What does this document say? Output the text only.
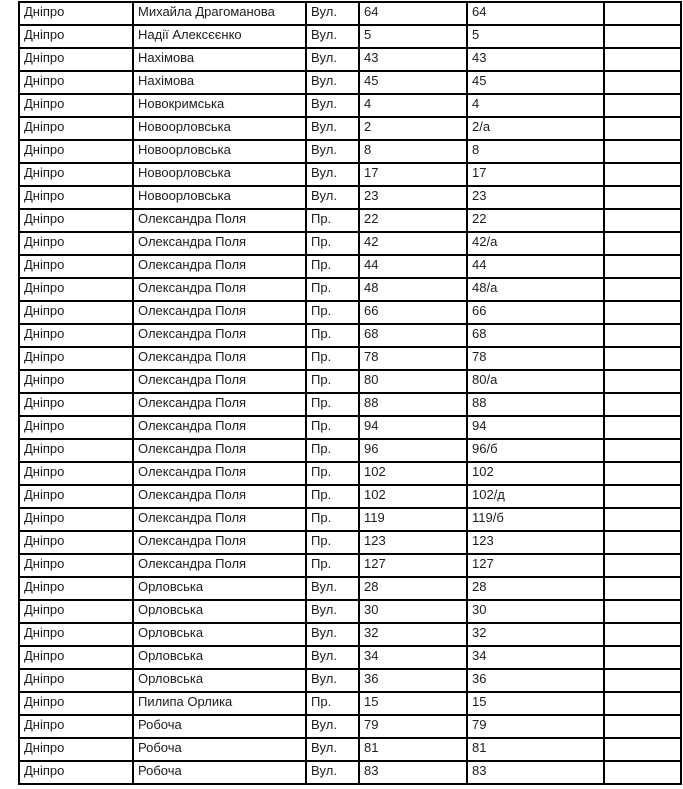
Дніпро	Михайла Драгоманова	Вул.	64	64	
Дніпро	Надії Алексєєнко	Вул.	5	5	
Дніпро	Нахімова	Вул.	43	43	
Дніпро	Нахімова	Вул.	45	45	
Дніпро	Новокримська	Вул.	4	4	
Дніпро	Новоорловська	Вул.	2	2/а	
Дніпро	Новоорловська	Вул.	8	8	
Дніпро	Новоорловська	Вул.	17	17	
Дніпро	Новоорловська	Вул.	23	23	
Дніпро	Олександра Поля	Пр.	22	22	
Дніпро	Олександра Поля	Пр.	42	42/а	
Дніпро	Олександра Поля	Пр.	44	44	
Дніпро	Олександра Поля	Пр.	48	48/а	
Дніпро	Олександра Поля	Пр.	66	66	
Дніпро	Олександра Поля	Пр.	68	68	
Дніпро	Олександра Поля	Пр.	78	78	
Дніпро	Олександра Поля	Пр.	80	80/а	
Дніпро	Олександра Поля	Пр.	88	88	
Дніпро	Олександра Поля	Пр.	94	94	
Дніпро	Олександра Поля	Пр.	96	96/б	
Дніпро	Олександра Поля	Пр.	102	102	
Дніпро	Олександра Поля	Пр.	102	102/д	
Дніпро	Олександра Поля	Пр.	119	119/б	
Дніпро	Олександра Поля	Пр.	123	123	
Дніпро	Олександра Поля	Пр.	127	127	
Дніпро	Орловська	Вул.	28	28	
Дніпро	Орловська	Вул.	30	30	
Дніпро	Орловська	Вул.	32	32	
Дніпро	Орловська	Вул.	34	34	
Дніпро	Орловська	Вул.	36	36	
Дніпро	Пилипа Орлика	Пр.	15	15	
Дніпро	Робоча	Вул.	79	79	
Дніпро	Робоча	Вул.	81	81	
Дніпро	Робоча	Вул.	83	83	
